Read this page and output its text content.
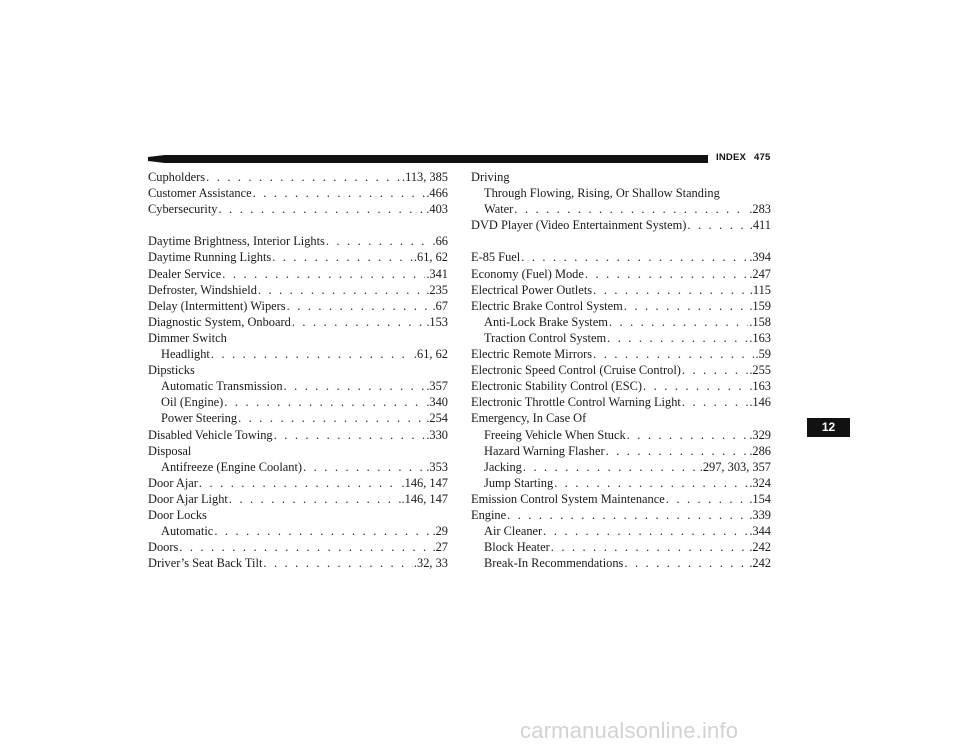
INDEX 475
Cupholders . . .	.113, 385
Customer Assistance . . .	.466
Cybersecurity . . .	.403
Daytime Brightness, Interior Lights . . .	.66
Daytime Running Lights . . .	.61, 62
Dealer Service . . .	.341
Defroster, Windshield . . .	.235
Delay (Intermittent) Wipers . . .	.67
Diagnostic System, Onboard . . .	.153
Dimmer Switch
Headlight . . .	.61, 62
Dipsticks
Automatic Transmission . . .	.357
Oil (Engine) . . .	.340
Power Steering . . .	.254
Disabled Vehicle Towing . . .	.330
Disposal
Antifreeze (Engine Coolant) . . .	.353
Door Ajar . . .	.146, 147
Door Ajar Light . . .	.146, 147
Door Locks
Automatic . . .	.29
Doors . . .	.27
Driver’s Seat Back Tilt . . .	.32, 33
Driving
Through Flowing, Rising, Or Shallow Standing
Water . . .	.283
DVD Player (Video Entertainment System) . . .	.411
E-85 Fuel . . .	.394
Economy (Fuel) Mode . . .	.247
Electrical Power Outlets . . .	.115
Electric Brake Control System . . .	.159
Anti-Lock Brake System . . .	.158
Traction Control System . . .	.163
Electric Remote Mirrors . . .	.59
Electronic Speed Control (Cruise Control) . . .	.255
Electronic Stability Control (ESC) . . .	.163
Electronic Throttle Control Warning Light . . .	.146
Emergency, In Case Of
Freeing Vehicle When Stuck . . .	.329
Hazard Warning Flasher . . .	.286
Jacking . . .	.297, 303, 357
Jump Starting . . .	.324
Emission Control System Maintenance . . .	.154
Engine . . .	.339
Air Cleaner . . .	.344
Block Heater . . .	.242
Break-In Recommendations . . .	.242
12
carmanualsonline.info
